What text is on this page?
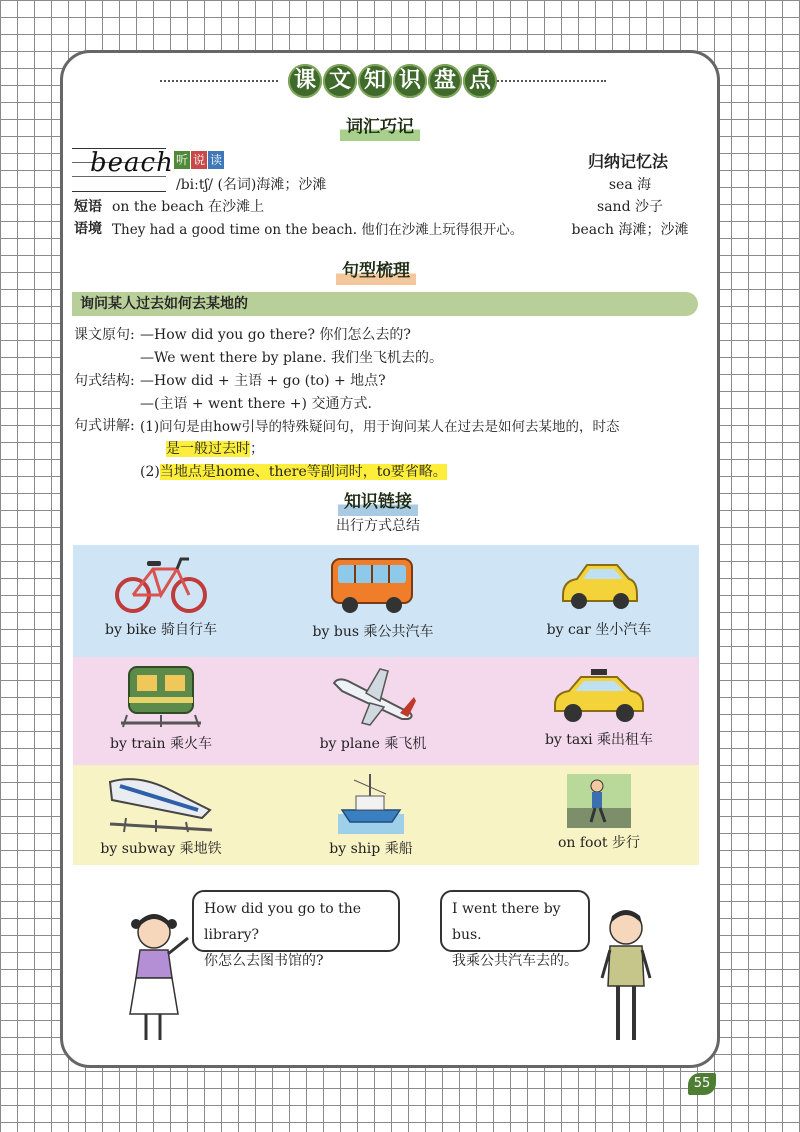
课 文 知 识 盘 点
词汇巧记
beach 听 说 读
/biːtʃ/ (名词)海滩；沙滩
短语 on the beach 在沙滩上
语境 They had a good time on the beach. 他们在沙滩上玩得很开心。
归纳记忆法
sea 海
sand 沙子
beach 海滩；沙滩
句型梳理
询问某人过去如何去某地的
课文原句: —How did you go there? 你们怎么去的?
—We went there by plane. 我们坐飞机去的。
句式结构: —How did + 主语 + go (to) + 地点?
—(主语 + went there +) 交通方式.
句式讲解: (1)问句是由how引导的特殊疑问句，用于询问某人在过去是如何去某地的，时态
是一般过去时；
(2)当地点是home、there等副词时，to要省略。
知识链接
出行方式总结
by bike 骑自行车	by bus 乘公共汽车	by car 坐小汽车
by train 乘火车	by plane 乘飞机	by taxi 乘出租车
by subway 乘地铁	by ship 乘船	on foot 步行
How did you go to the library?
你怎么去图书馆的?
I went there by bus.
我乘公共汽车去的。
55
